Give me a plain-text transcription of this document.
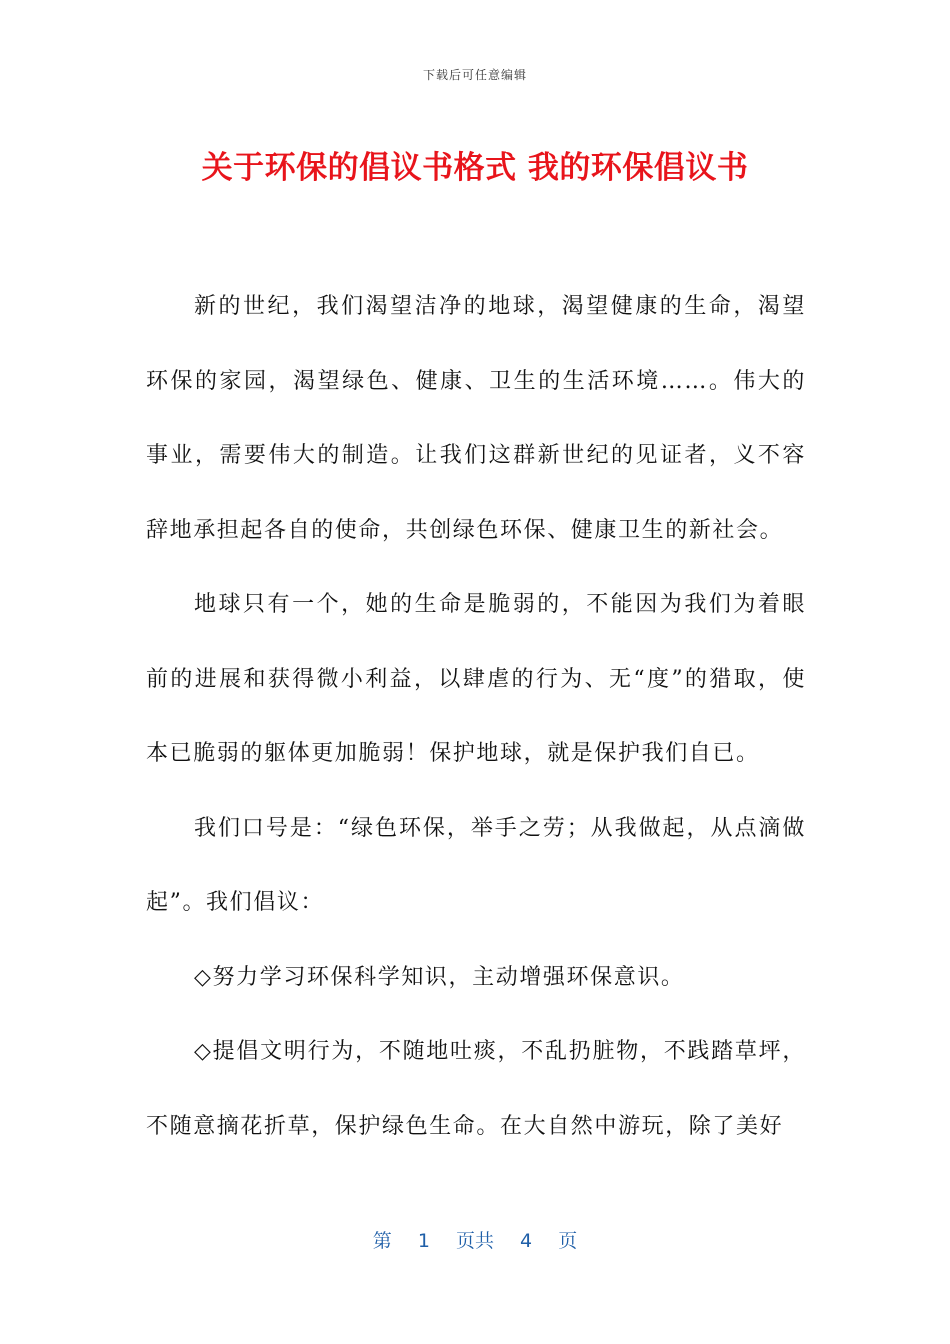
下载后可任意编辑
关于环保的倡议书格式 我的环保倡议书

新的世纪，我们渴望洁净的地球，渴望健康的生命，渴望环保的家园，渴望绿色、健康、卫生的生活环境……。伟大的事业，需要伟大的制造。让我们这群新世纪的见证者，义不容辞地承担起各自的使命，共创绿色环保、健康卫生的新社会。

地球只有一个，她的生命是脆弱的，不能因为我们为着眼前的进展和获得微小利益，以肆虐的行为、无“度”的猎取，使本已脆弱的躯体更加脆弱！保护地球，就是保护我们自已。

我们口号是：“绿色环保，举手之劳；从我做起，从点滴做起”。我们倡议：

◇努力学习环保科学知识，主动增强环保意识。

◇提倡文明行为，不随地吐痰，不乱扔脏物，不践踏草坪，不随意摘花折草，保护绿色生命。在大自然中游玩，除了美好

第 1 页共 4 页
